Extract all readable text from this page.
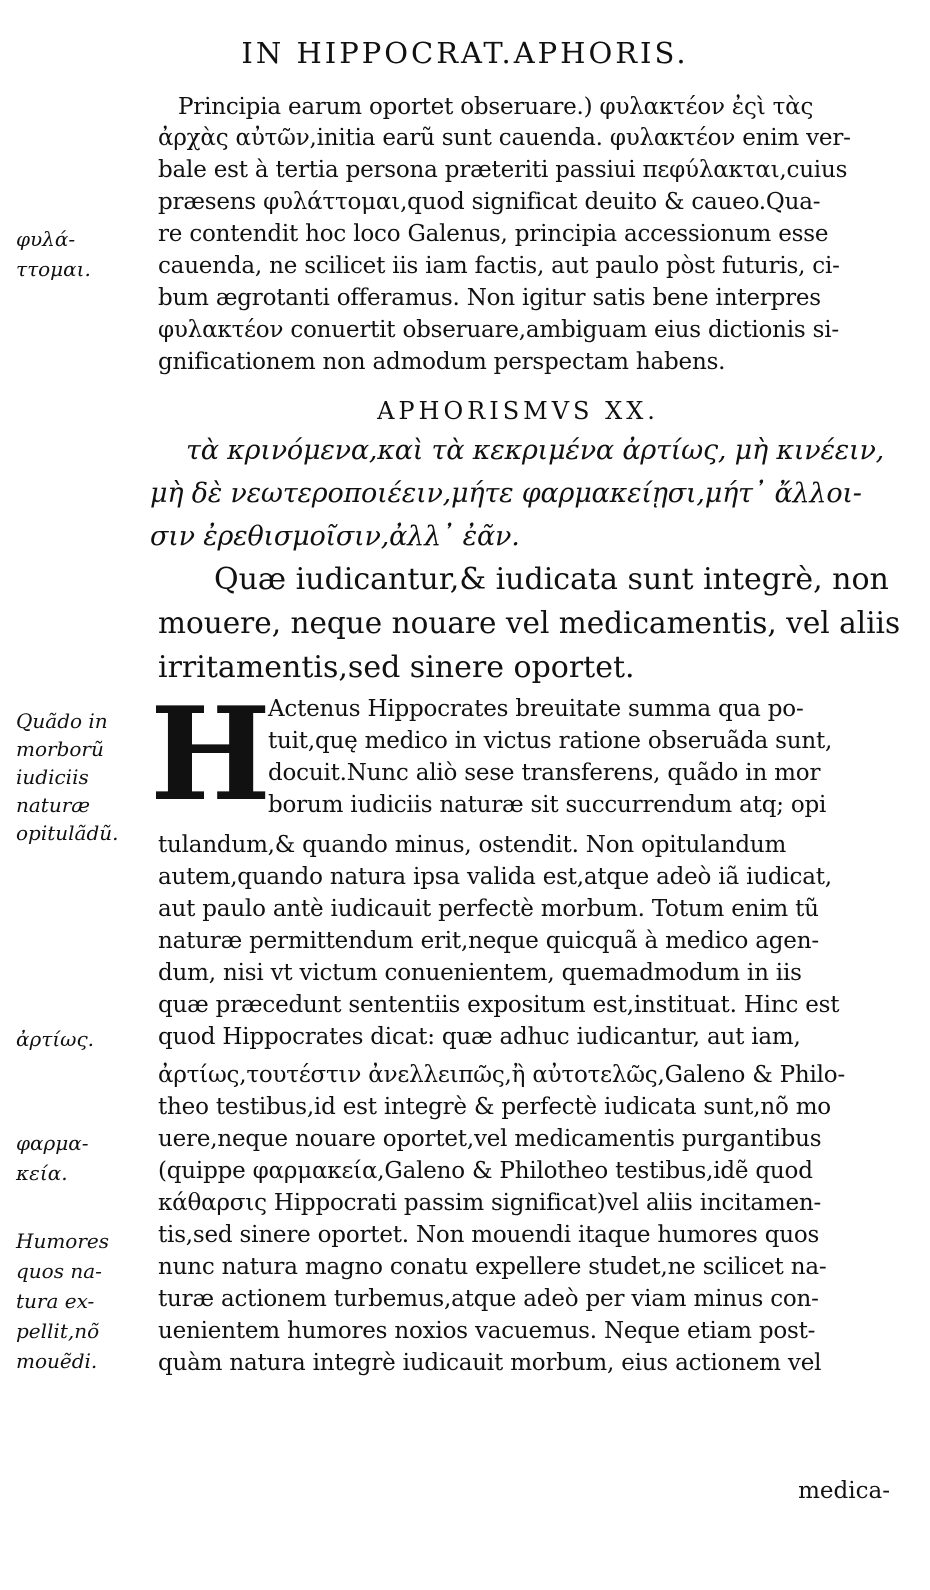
IN HIPPOCRAT.APHORIS.
Principia earum oportet obseruare.) φυλακτέον ἐςὶ τὰς
ἀρχὰς αὐτῶν,initia earũ sunt cauenda. φυλακτέον enim ver-
bale est à tertia persona præteriti passiui πεφύλακται,cuius
præsens φυλάττομαι,quod significat deuito & caueo.Qua-
re contendit hoc loco Galenus, principia accessionum esse
cauenda, ne scilicet iis iam factis, aut paulo pòst futuris, ci-
bum ægrotanti offeramus. Non igitur satis bene interpres
φυλακτέον conuertit obseruare,ambiguam eius dictionis si-
gnificationem non admodum perspectam habens.
φυλά-
ττομαι.
APHORISMVS XX.
τὰ κρινόμενα,καὶ τὰ κεκριμένα ἀρτίως, μὴ κινέειν,
μὴ δὲ νεωτεροποιέειν,μήτε φαρμακείῃσι,μήτ᾽ ἄλλοι-
σιν ἐρεθισμοῖσιν,ἀλλ᾽ ἐᾶν.
Quæ iudicantur,& iudicata sunt integrè, non
mouere, neque nouare vel medicamentis, vel aliis
irritamentis,sed sinere oportet.
H
Actenus Hippocrates breuitate summa qua po-
tuit,quę medico in victus ratione obseruãda sunt,
docuit.Nunc aliò sese transferens, quãdo in mor
borum iudiciis naturæ sit succurrendum atq; opi
tulandum,& quando minus, ostendit. Non opitulandum
autem,quando natura ipsa valida est,atque adeò iã iudicat,
aut paulo antè iudicauit perfectè morbum. Totum enim tũ
naturæ permittendum erit,neque quicquã à medico agen-
dum, nisi vt victum conuenientem, quemadmodum in iis
quæ præcedunt sententiis expositum est,instituat. Hinc est
quod Hippocrates dicat: quæ adhuc iudicantur, aut iam,
ἀρτίως,τουτέστιν ἀνελλειπῶς,ἢ αὐτοτελῶς,Galeno & Philo-
theo testibus,id est integrè & perfectè iudicata sunt,nõ mo
uere,neque nouare oportet,vel medicamentis purgantibus
(quippe φαρμακεία,Galeno & Philotheo testibus,idẽ quod
κάθαρσις Hippocrati passim significat)vel aliis incitamen-
tis,sed sinere oportet. Non mouendi itaque humores quos
nunc natura magno conatu expellere studet,ne scilicet na-
turæ actionem turbemus,atque adeò per viam minus con-
uenientem humores noxios vacuemus. Neque etiam post-
quàm natura integrè iudicauit morbum, eius actionem vel
Quãdo in
morborũ
iudiciis
naturæ
opitulãdũ.
ἀρτίως.
φαρμα-
κεία.
Humores
quos na-
tura ex-
pellit,nõ
mouẽdi.
medica-
